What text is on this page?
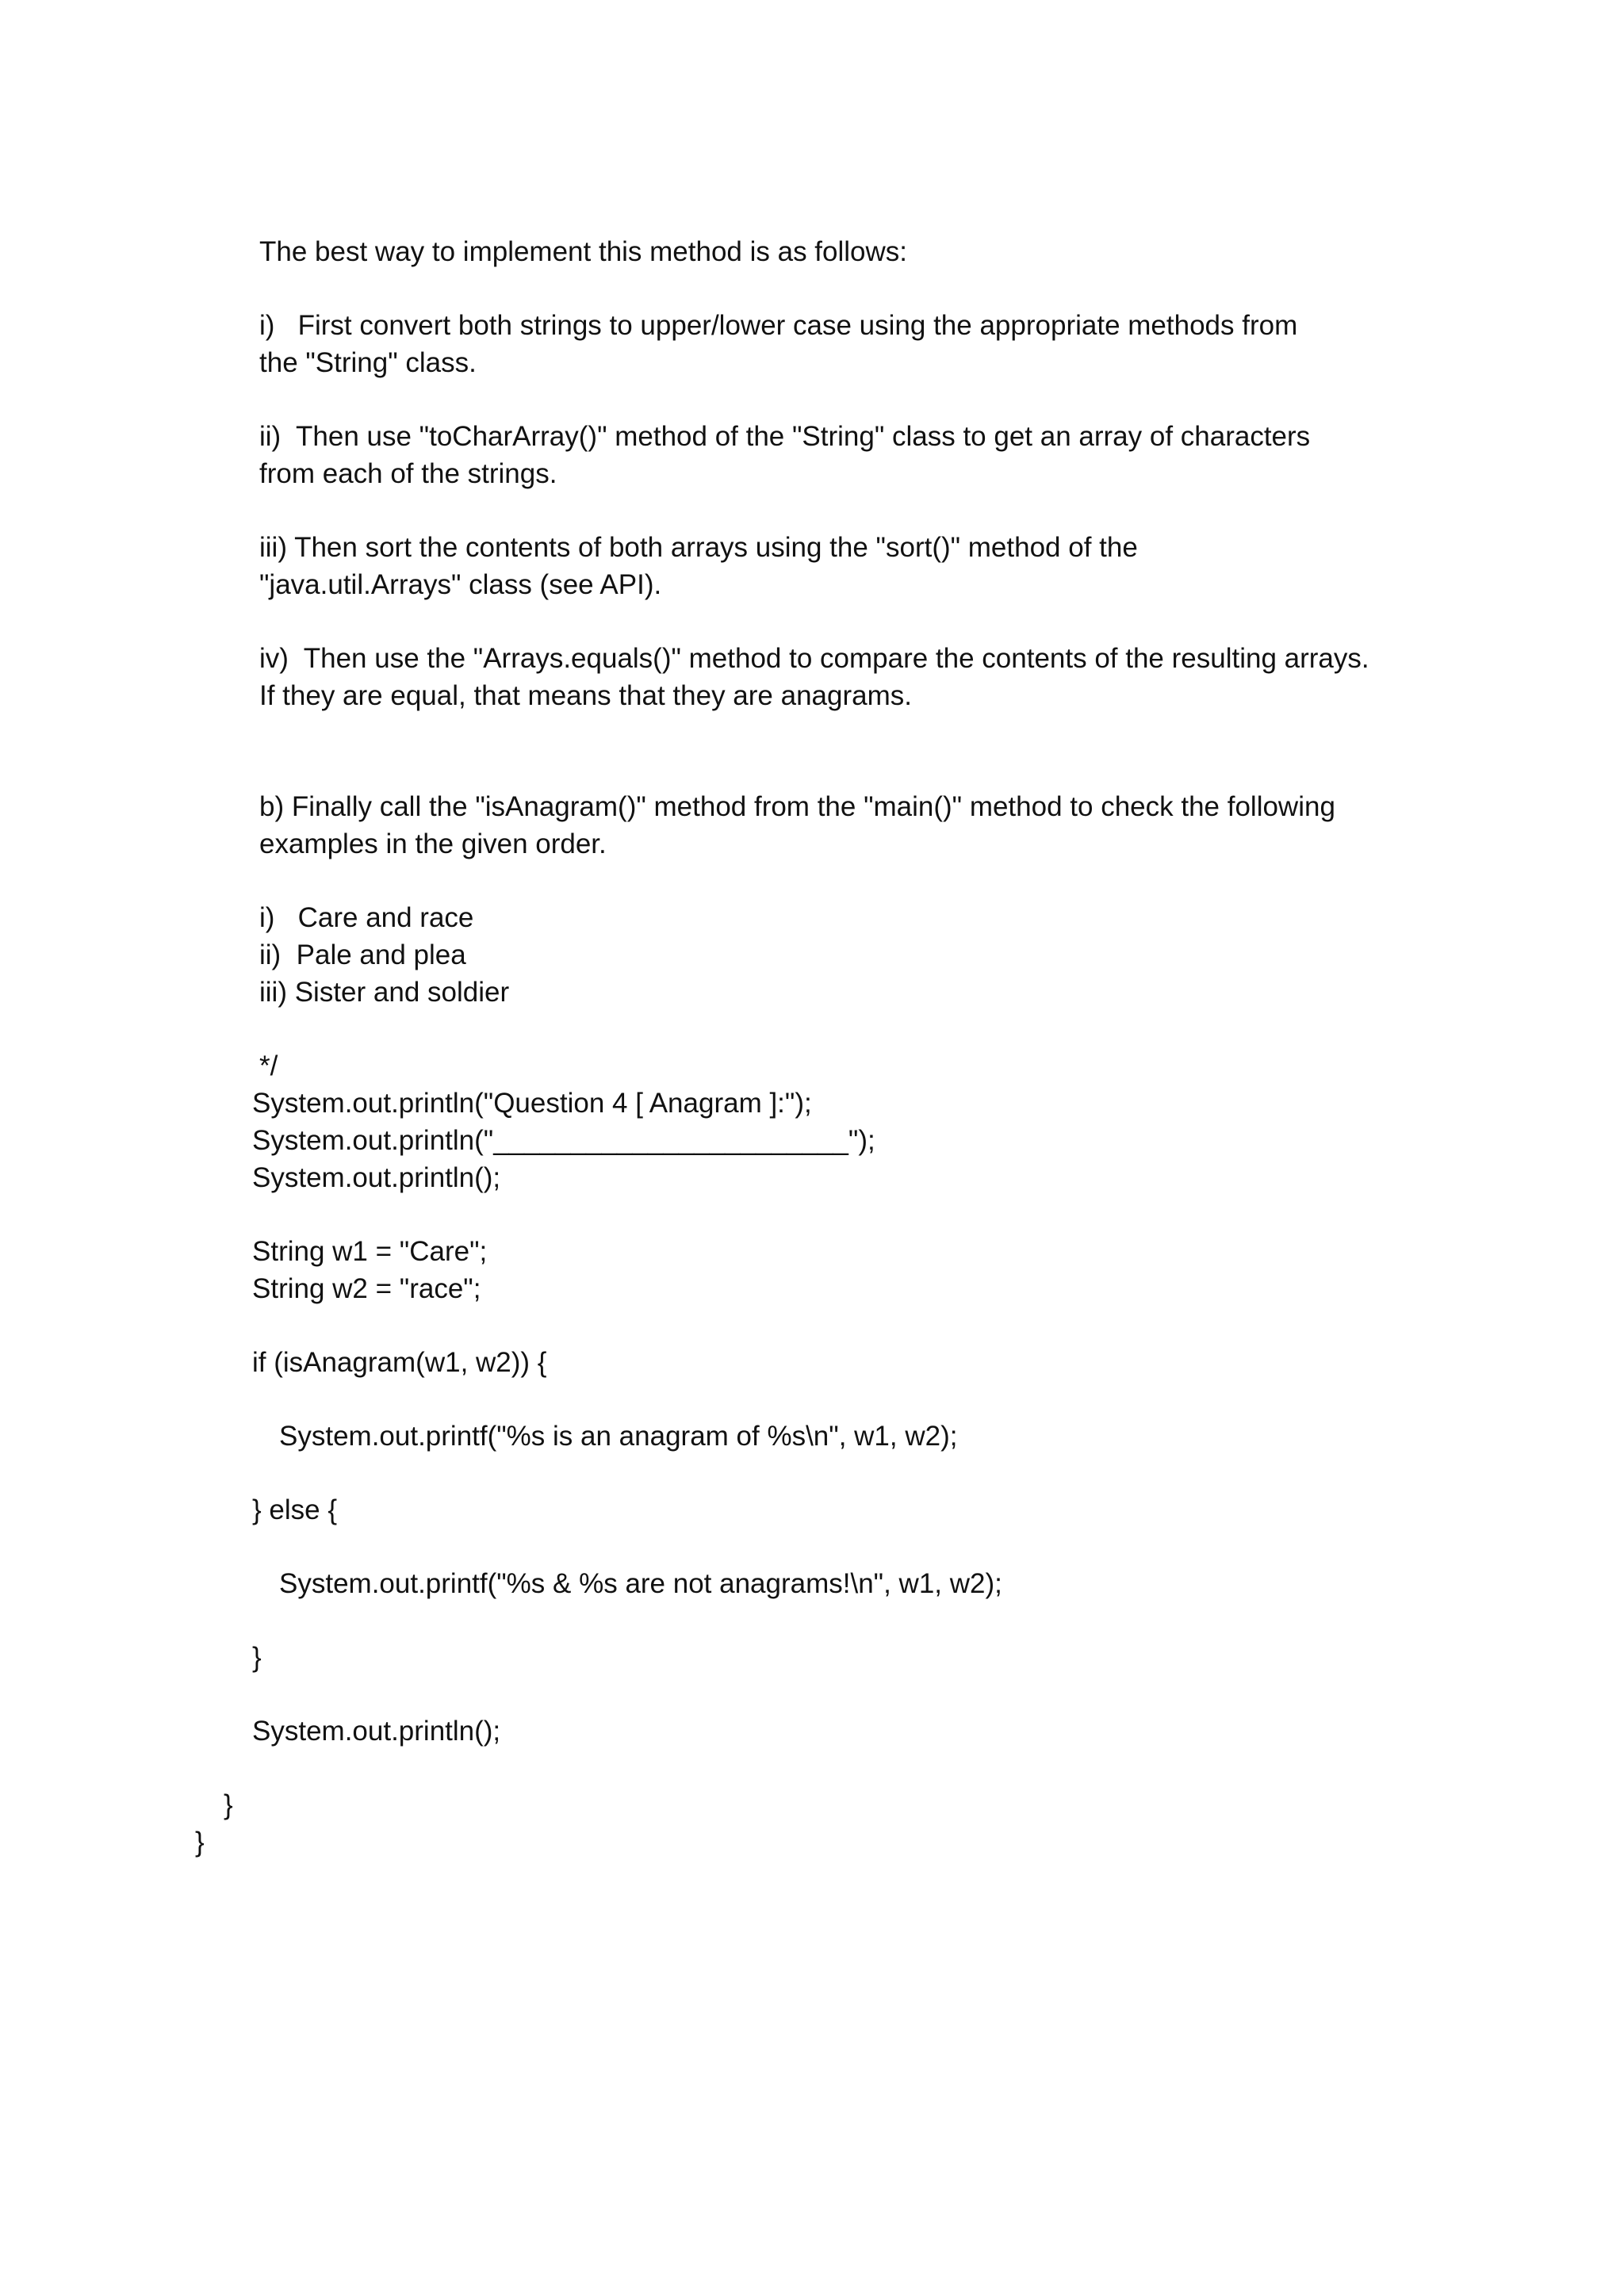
The best way to implement this method is as follows:
i)   First convert both strings to upper/lower case using the appropriate methods from
the "String" class.
ii)  Then use "toCharArray()" method of the "String" class to get an array of characters
from each of the strings.
iii) Then sort the contents of both arrays using the "sort()" method of the
"java.util.Arrays" class (see API).
iv)  Then use the "Arrays.equals()" method to compare the contents of the resulting arrays.
If they are equal, that means that they are anagrams.
b) Finally call the "isAnagram()" method from the "main()" method to check the following
examples in the given order.
i)   Care and race
ii)  Pale and plea
iii) Sister and soldier
*/
System.out.println("Question 4 [ Anagram ]:");
System.out.println("_______________________");
System.out.println();
String w1 = "Care";
String w2 = "race";
if (isAnagram(w1, w2)) {
System.out.printf("%s is an anagram of %s\n", w1, w2);
} else {
System.out.printf("%s & %s are not anagrams!\n", w1, w2);
}
System.out.println();
}
}
